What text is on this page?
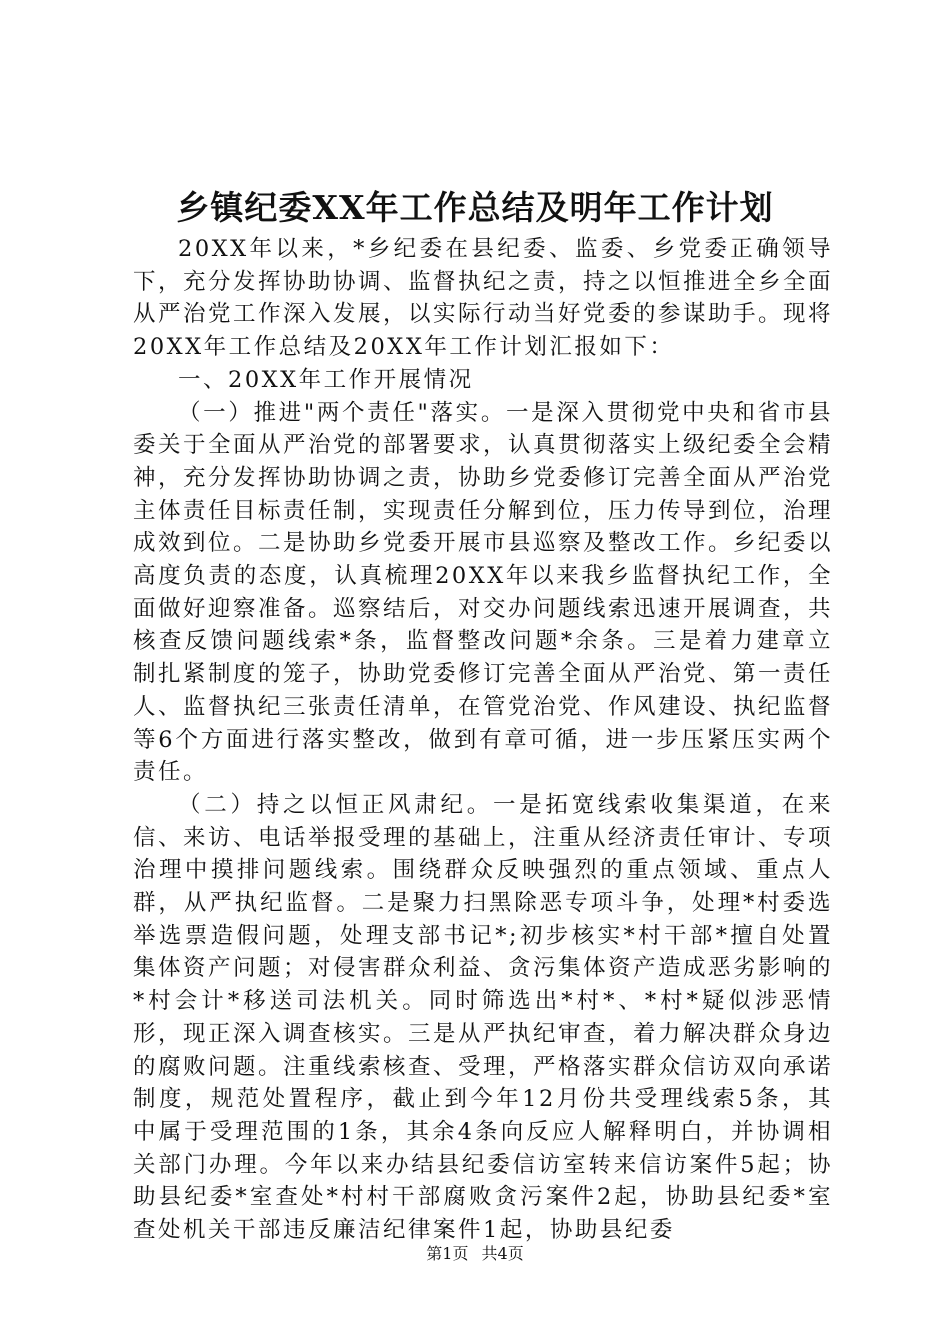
乡镇纪委XX年工作总结及明年工作计划

20XX年以来，*乡纪委在县纪委、监委、乡党委正确领导下，充分发挥协助协调、监督执纪之责，持之以恒推进全乡全面从严治党工作深入发展，以实际行动当好党委的参谋助手。现将20XX年工作总结及20XX年工作计划汇报如下：

一、20XX年工作开展情况

（一）推进"两个责任"落实。一是深入贯彻党中央和省市县委关于全面从严治党的部署要求，认真贯彻落实上级纪委全会精神，充分发挥协助协调之责，协助乡党委修订完善全面从严治党主体责任目标责任制，实现责任分解到位，压力传导到位，治理成效到位。二是协助乡党委开展市县巡察及整改工作。乡纪委以高度负责的态度，认真梳理20XX年以来我乡监督执纪工作，全面做好迎察准备。巡察结后，对交办问题线索迅速开展调查，共核查反馈问题线索*条，监督整改问题*余条。三是着力建章立制扎紧制度的笼子，协助党委修订完善全面从严治党、第一责任人、监督执纪三张责任清单，在管党治党、作风建设、执纪监督等6个方面进行落实整改，做到有章可循，进一步压紧压实两个责任。

（二）持之以恒正风肃纪。一是拓宽线索收集渠道，在来信、来访、电话举报受理的基础上，注重从经济责任审计、专项治理中摸排问题线索。围绕群众反映强烈的重点领域、重点人群，从严执纪监督。二是聚力扫黑除恶专项斗争，处理*村委选举选票造假问题，处理支部书记*;初步核实*村干部*擅自处置集体资产问题；对侵害群众利益、贪污集体资产造成恶劣影响的*村会计*移送司法机关。同时筛选出*村*、*村*疑似涉恶情形，现正深入调查核实。三是从严执纪审查，着力解决群众身边的腐败问题。注重线索核查、受理，严格落实群众信访双向承诺制度，规范处置程序，截止到今年12月份共受理线索5条，其中属于受理范围的1条，其余4条向反应人解释明白，并协调相关部门办理。今年以来办结县纪委信访室转来信访案件5起；协助县纪委*室查处*村村干部腐败贪污案件2起，协助县纪委*室查处机关干部违反廉洁纪律案件1起，协助县纪委

第1页 共4页
